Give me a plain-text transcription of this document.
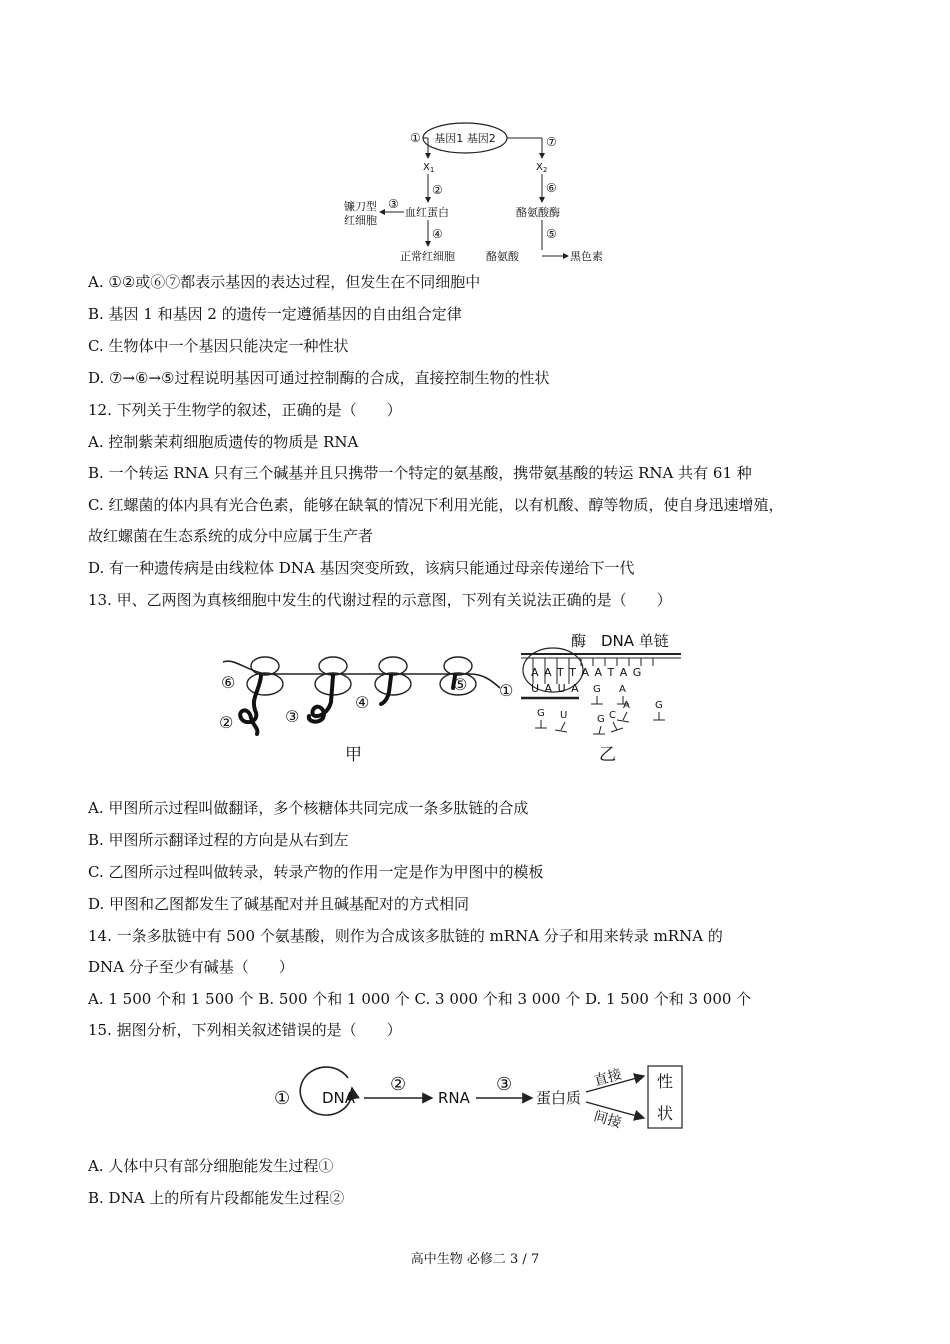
基因1 基因2
①	⑦
$X_1$	$X_2$
②	⑥
血红蛋白	酪氨酸酶
③
镰刀型
红细胞
④
正常红细胞
⑤
酪氨酸	黑色素
A. ①②或⑥⑦都表示基因的表达过程，但发生在不同细胞中
B. 基因 1 和基因 2 的遗传一定遵循基因的自由组合定律
C. 生物体中一个基因只能决定一种性状
D. ⑦→⑥→⑤过程说明基因可通过控制酶的合成，直接控制生物的性状
12. 下列关于生物学的叙述，正确的是（　　）
A. 控制紫茉莉细胞质遗传的物质是 RNA
B. 一个转运 RNA 只有三个碱基并且只携带一个特定的氨基酸，携带氨基酸的转运 RNA 共有 61 种
C. 红螺菌的体内具有光合色素，能够在缺氧的情况下利用光能，以有机酸、醇等物质，使自身迅速增殖，
故红螺菌在生态系统的成分中应属于生产者
D. 有一种遗传病是由线粒体 DNA 基因突变所致，该病只能通过母亲传递给下一代
13. 甲、乙两图为真核细胞中发生的代谢过程的示意图，下列有关说法正确的是（　　）
⑥
②	③
④
⑤ ①
甲
酶 DNA 单链
A A T T A A T A G
U A U A G A
G U	G C
G
A
乙
A. 甲图所示过程叫做翻译，多个核糖体共同完成一条多肽链的合成
B. 甲图所示翻译过程的方向是从右到左
C. 乙图所示过程叫做转录，转录产物的作用一定是作为甲图中的模板
D. 甲图和乙图都发生了碱基配对并且碱基配对的方式相同
14. 一条多肽链中有 500 个氨基酸，则作为合成该多肽链的 mRNA 分子和用来转录 mRNA 的
DNA 分子至少有碱基（　　）
A. 1 500 个和 1 500 个 B. 500 个和 1 000 个 C. 3 000 个和 3 000 个 D. 1 500 个和 3 000 个
15. 据图分析，下列相关叙述错误的是（　　）
① DNA
②
RNA
③
蛋白质
直接
间接
性
状
A. 人体中只有部分细胞能发生过程①
B. DNA 上的所有片段都能发生过程②
高中生物 必修二 3 / 7
